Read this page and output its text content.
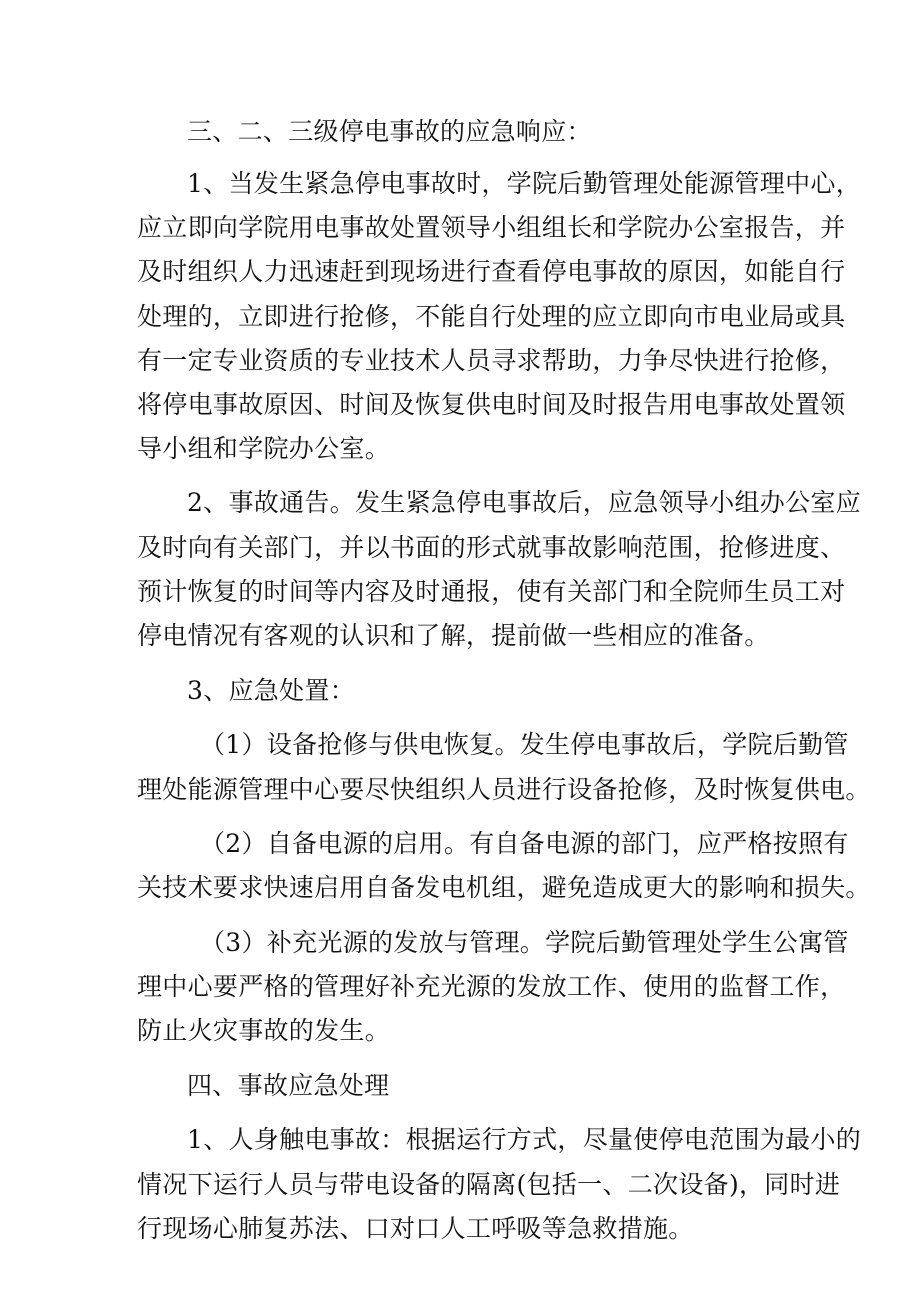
三、二、三级停电事故的应急响应：
1、当发生紧急停电事故时，学院后勤管理处能源管理中心，
应立即向学院用电事故处置领导小组组长和学院办公室报告，并
及时组织人力迅速赶到现场进行查看停电事故的原因，如能自行
处理的，立即进行抢修，不能自行处理的应立即向市电业局或具
有一定专业资质的专业技术人员寻求帮助，力争尽快进行抢修，
将停电事故原因、时间及恢复供电时间及时报告用电事故处置领
导小组和学院办公室。
2、事故通告。发生紧急停电事故后，应急领导小组办公室应
及时向有关部门，并以书面的形式就事故影响范围，抢修进度、
预计恢复的时间等内容及时通报，使有关部门和全院师生员工对
停电情况有客观的认识和了解，提前做一些相应的准备。
3、应急处置：
（1）设备抢修与供电恢复。发生停电事故后，学院后勤管
理处能源管理中心要尽快组织人员进行设备抢修，及时恢复供电。
（2）自备电源的启用。有自备电源的部门，应严格按照有
关技术要求快速启用自备发电机组，避免造成更大的影响和损失。
（3）补充光源的发放与管理。学院后勤管理处学生公寓管
理中心要严格的管理好补充光源的发放工作、使用的监督工作，
防止火灾事故的发生。
四、事故应急处理
1、人身触电事故：根据运行方式，尽量使停电范围为最小的
情况下运行人员与带电设备的隔离(包括一、二次设备)，同时进
行现场心肺复苏法、口对口人工呼吸等急救措施。
